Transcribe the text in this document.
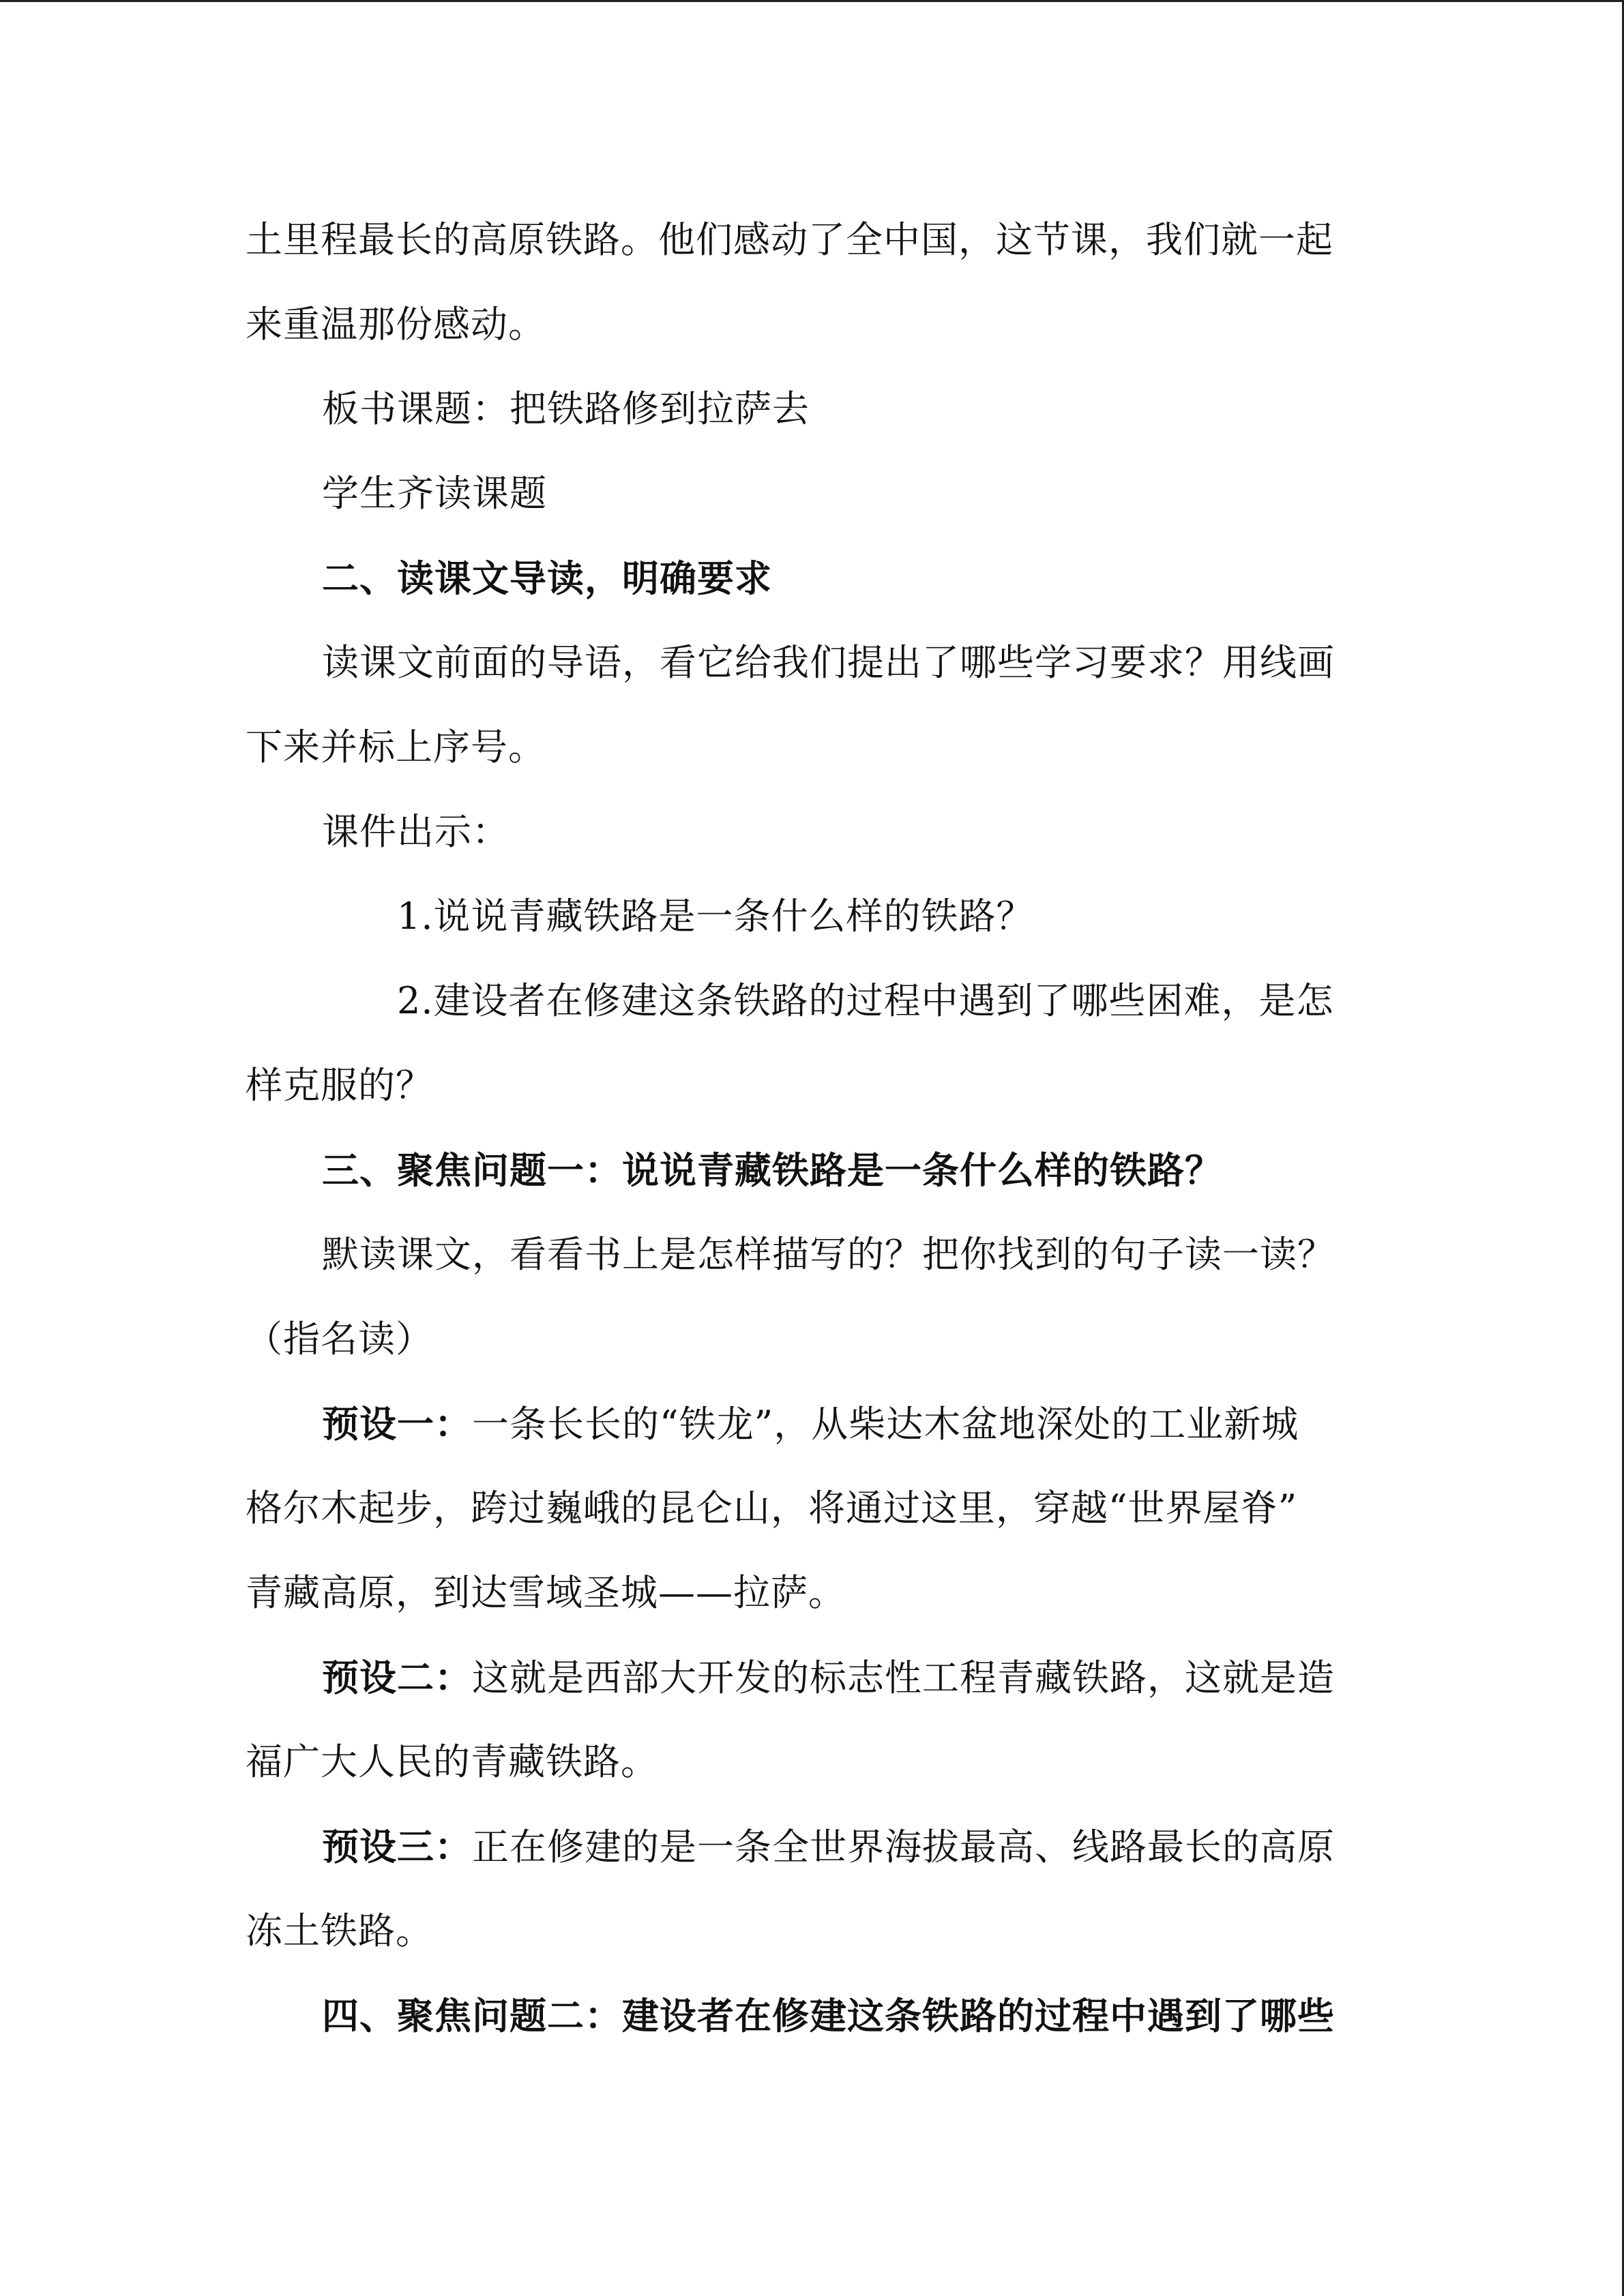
土里程最长的高原铁路。他们感动了全中国，这节课，我们就一起
来重温那份感动。
板书课题：把铁路修到拉萨去
学生齐读课题
二、读课文导读，明确要求
读课文前面的导语，看它给我们提出了哪些学习要求？用线画
下来并标上序号。
课件出示：
1.说说青藏铁路是一条什么样的铁路？
2.建设者在修建这条铁路的过程中遇到了哪些困难，是怎
样克服的？
三、聚焦问题一：说说青藏铁路是一条什么样的铁路？
默读课文，看看书上是怎样描写的？把你找到的句子读一读？
（指名读）
预设一：一条长长的“铁龙”，从柴达木盆地深处的工业新城
格尔木起步，跨过巍峨的昆仑山，将通过这里，穿越“世界屋脊”
青藏高原，到达雪域圣城——拉萨。
预设二：这就是西部大开发的标志性工程青藏铁路，这就是造
福广大人民的青藏铁路。
预设三：正在修建的是一条全世界海拔最高、线路最长的高原
冻土铁路。
四、聚焦问题二：建设者在修建这条铁路的过程中遇到了哪些
